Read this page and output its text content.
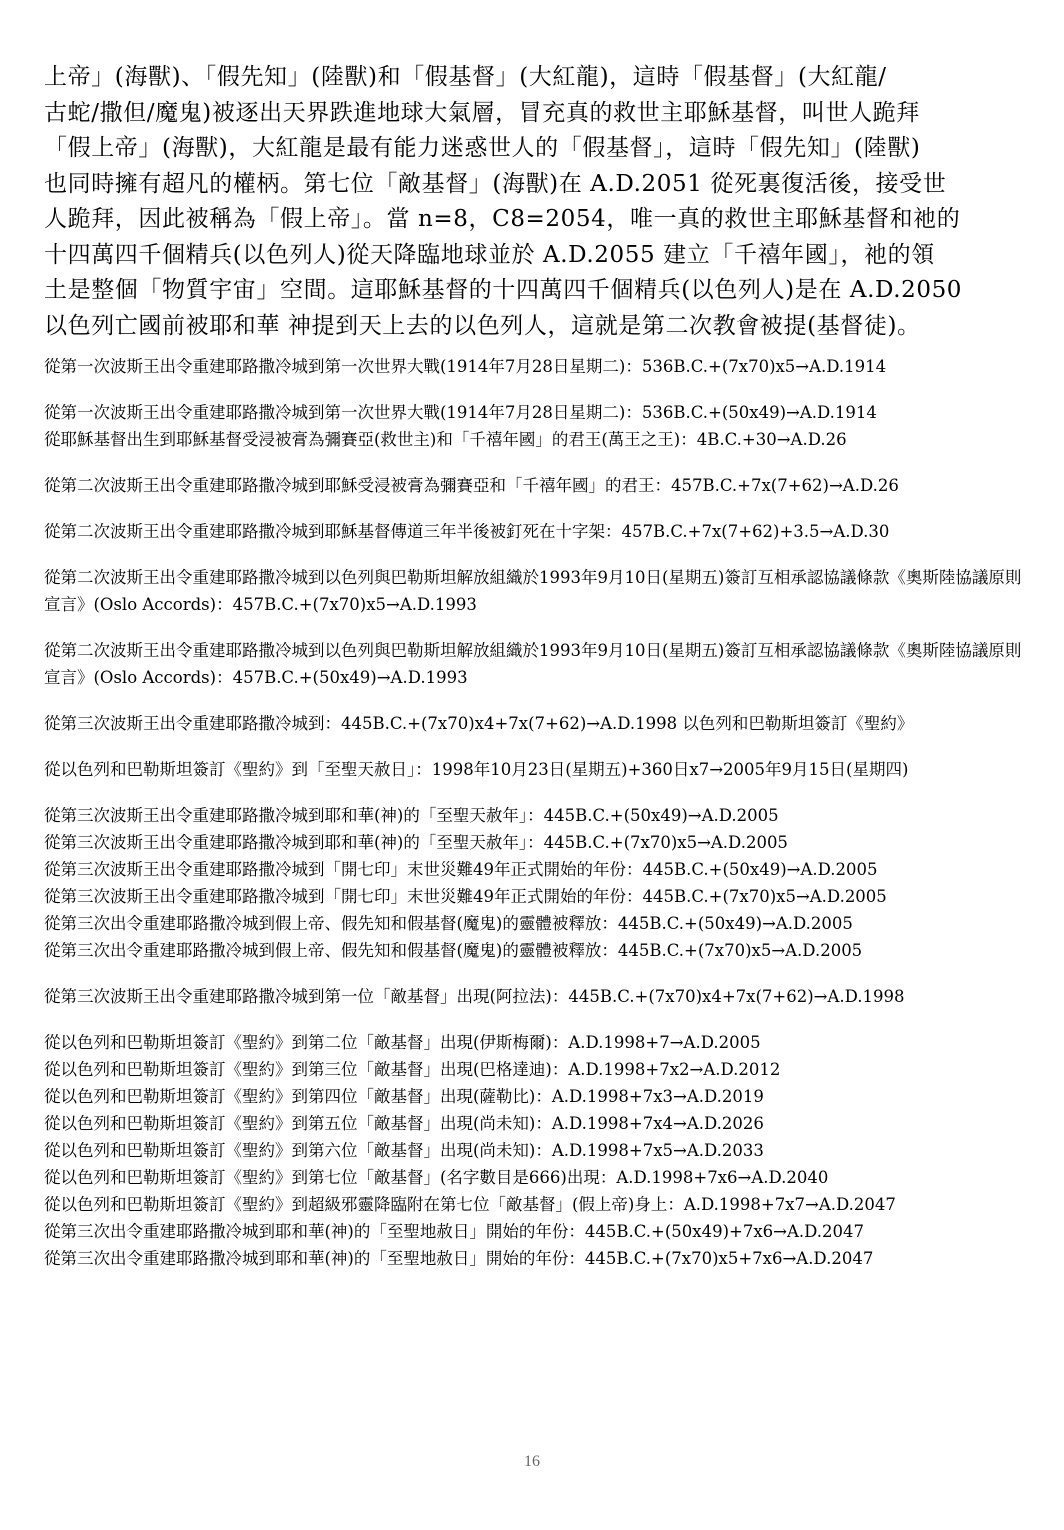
上帝」(海獸)、「假先知」(陸獸)和「假基督」(大紅龍)，這時「假基督」(大紅龍/
古蛇/撒但/魔鬼)被逐出天界跌進地球大氣層，冒充真的救世主耶穌基督，叫世人跪拜
「假上帝」(海獸)，大紅龍是最有能力迷惑世人的「假基督」，這時「假先知」(陸獸)
也同時擁有超凡的權柄。第七位「敵基督」(海獸)在 A.D.2051 從死裏復活後，接受世
人跪拜，因此被稱為「假上帝」。當 n=8，C8=2054，唯一真的救世主耶穌基督和祂的
十四萬四千個精兵(以色列人)從天降臨地球並於 A.D.2055 建立「千禧年國」，祂的領
土是整個「物質宇宙」空間。這耶穌基督的十四萬四千個精兵(以色列人)是在 A.D.2050
以色列亡國前被耶和華 神提到天上去的以色列人，這就是第二次教會被提(基督徒)。
從第一次波斯王出令重建耶路撒冷城到第一次世界大戰(1914年7月28日星期二)：536B.C.+(7x70)x5→A.D.1914
從第一次波斯王出令重建耶路撒冷城到第一次世界大戰(1914年7月28日星期二)：536B.C.+(50x49)→A.D.1914
從耶穌基督出生到耶穌基督受浸被膏為彌賽亞(救世主)和「千禧年國」的君王(萬王之王)：4B.C.+30→A.D.26
從第二次波斯王出令重建耶路撒冷城到耶穌受浸被膏為彌賽亞和「千禧年國」的君王：457B.C.+7x(7+62)→A.D.26
從第二次波斯王出令重建耶路撒冷城到耶穌基督傳道三年半後被釘死在十字架：457B.C.+7x(7+62)+3.5→A.D.30
從第二次波斯王出令重建耶路撒冷城到以色列與巴勒斯坦解放組織於1993年9月10日(星期五)簽訂互相承認協議條款《奧斯陸協議原則宣言》(Oslo Accords)：457B.C.+(7x70)x5→A.D.1993
從第二次波斯王出令重建耶路撒冷城到以色列與巴勒斯坦解放組織於1993年9月10日(星期五)簽訂互相承認協議條款《奧斯陸協議原則宣言》(Oslo Accords)：457B.C.+(50x49)→A.D.1993
從第三次波斯王出令重建耶路撒冷城到：445B.C.+(7x70)x4+7x(7+62)→A.D.1998 以色列和巴勒斯坦簽訂《聖約》
從以色列和巴勒斯坦簽訂《聖約》到「至聖天赦日」：1998年10月23日(星期五)+360日x7→2005年9月15日(星期四)
從第三次波斯王出令重建耶路撒冷城到耶和華(神)的「至聖天赦年」：445B.C.+(50x49)→A.D.2005
從第三次波斯王出令重建耶路撒冷城到耶和華(神)的「至聖天赦年」：445B.C.+(7x70)x5→A.D.2005
從第三次波斯王出令重建耶路撒冷城到「開七印」末世災難49年正式開始的年份：445B.C.+(50x49)→A.D.2005
從第三次波斯王出令重建耶路撒冷城到「開七印」末世災難49年正式開始的年份：445B.C.+(7x70)x5→A.D.2005
從第三次出令重建耶路撒冷城到假上帝、假先知和假基督(魔鬼)的靈體被釋放：445B.C.+(50x49)→A.D.2005
從第三次出令重建耶路撒冷城到假上帝、假先知和假基督(魔鬼)的靈體被釋放：445B.C.+(7x70)x5→A.D.2005
從第三次波斯王出令重建耶路撒冷城到第一位「敵基督」出現(阿拉法)：445B.C.+(7x70)x4+7x(7+62)→A.D.1998
從以色列和巴勒斯坦簽訂《聖約》到第二位「敵基督」出現(伊斯梅爾)：A.D.1998+7→A.D.2005
從以色列和巴勒斯坦簽訂《聖約》到第三位「敵基督」出現(巴格達迪)：A.D.1998+7x2→A.D.2012
從以色列和巴勒斯坦簽訂《聖約》到第四位「敵基督」出現(薩勒比)：A.D.1998+7x3→A.D.2019
從以色列和巴勒斯坦簽訂《聖約》到第五位「敵基督」出現(尚未知)：A.D.1998+7x4→A.D.2026
從以色列和巴勒斯坦簽訂《聖約》到第六位「敵基督」出現(尚未知)：A.D.1998+7x5→A.D.2033
從以色列和巴勒斯坦簽訂《聖約》到第七位「敵基督」(名字數目是666)出現：A.D.1998+7x6→A.D.2040
從以色列和巴勒斯坦簽訂《聖約》到超級邪靈降臨附在第七位「敵基督」(假上帝)身上：A.D.1998+7x7→A.D.2047
從第三次出令重建耶路撒冷城到耶和華(神)的「至聖地赦日」開始的年份：445B.C.+(50x49)+7x6→A.D.2047
從第三次出令重建耶路撒冷城到耶和華(神)的「至聖地赦日」開始的年份：445B.C.+(7x70)x5+7x6→A.D.2047
16
